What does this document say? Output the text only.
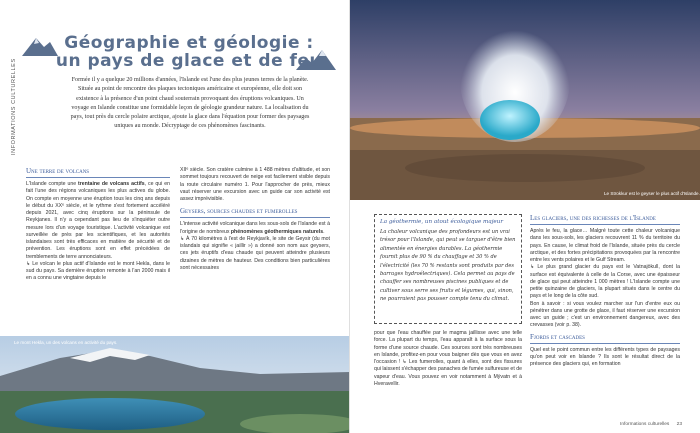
INFORMATIONS CULTURELLES
Géographie et géologie :
un pays de glace et de feu
Formée il y a quelque 20 millions d'années, l'Islande est l'une des plus jeunes terres de la planète. Située au point de rencontre des plaques tectoniques américaine et européenne, elle doit son existence à la présence d'un point chaud souterrain provoquant des éruptions volcaniques. Un voyage en Islande constitue une formidable leçon de géologie grandeur nature. La localisation du pays, tout près du cercle polaire arctique, ajoute la glace dans l'équation pour former des paysages uniques au monde. Décryptage de ces phénomènes fascinants.
Une terre de volcans

L'Islande compte une trentaine de volcans actifs, ce qui en fait l'une des régions volcaniques les plus actives du globe. On compte en moyenne une éruption tous les cinq ans depuis le début du XXᵉ siècle, et le rythme s'est fortement accéléré depuis 2021, avec cinq éruptions sur la péninsule de Reykjanes. Il n'y a cependant pas lieu de s'inquiéter outre mesure lors d'un voyage touristique. L'activité volcanique est surveillée de près par les scientifiques, et les autorités islandaises sont très efficaces en matière de sécurité et de prévention. Les éruptions sont en effet précédées de tremblements de terre annonciateurs.

↳ Le volcan le plus actif d'Islande est le mont Hekla, dans le sud du pays. Sa dernière éruption remonte à l'an 2000 mais il en a connu une vingtaine depuis le

XIIᵉ siècle. Son cratère culmine à 1 488 mètres d'altitude, et son sommet toujours recouvert de neige est facilement visible depuis la route circulaire numéro 1. Pour l'approcher de près, mieux vaut réserver une excursion avec un guide car son activité est assez imprévisible.

Geysers, sources chaudes et fumerolles

L'intense activité volcanique dans les sous-sols de l'Islande est à l'origine de nombreux phénomènes géothermiques naturels.

↳ À 70 kilomètres à l'est de Reykjavík, le site de Geysir (du mot islandais qui signifie « jaillir ») a donné son nom aux geysers, ces jets éruptifs d'eau chaude qui peuvent atteindre plusieurs dizaines de mètres de hauteur. Des conditions bien particulières sont nécessaires

Le mont Hekla, un des volcans en activité du pays.
Le Strokkur est le geyser le plus actif d'Islande.

pour que l'eau chauffée par le magma jaillisse avec une telle force. La plupart du temps, l'eau apparaît à la surface sous la forme d'une source chaude. Ces sources sont très nombreuses en Islande, profitez-en pour vous baigner dès que vous en avez l'occasion ! ↳ Les fumerolles, quant à elles, sont des fissures qui laissent s'échapper des panaches de fumée sulfureuse et de vapeur d'eau. Vous pouvez en voir notamment à Mývatn et à Hveravellir.

Les glaciers, une des richesses de l'Islande

Après le feu, la glace… Malgré toute cette chaleur volcanique dans les sous-sols, les glaciers recouvrent 11 % du territoire du pays. En cause, le climat froid de l'Islande, située près du cercle arctique, et des fortes précipitations provoquées par la rencontre entre les vents polaires et le Gulf Stream.

↳ Le plus grand glacier du pays est le Vatnajökull, dont la surface est équivalente à celle de la Corse, avec une épaisseur de glace qui peut atteindre 1 000 mètres ! L'Islande compte une petite quinzaine de glaciers, la plupart situés dans le centre du pays et le long de la côte sud.

Bon à savoir : si vous voulez marcher sur l'un d'entre eux ou pénétrer dans une grotte de glace, il faut réserver une excursion avec un guide ; c'est un environnement dangereux, avec des crevasses (voir p. 38).

Fjords et cascades

Quel est le point commun entre les différents types de paysages qu'on peut voir en Islande ? Ils sont le résultat direct de la présence des glaciers qui, en formation

Informations culturelles 23
La géothermie, un atout écologique majeur
La chaleur volcanique des profondeurs est un vrai trésor pour l'Islande, qui peut se targuer d'être bien alimentée en énergies durables. La géothermie fournit plus de 90 % du chauffage et 30 % de l'électricité (les 70 % restants sont produits par des barrages hydroélectriques). Cela permet au pays de chauffer ses nombreuses piscines publiques et de cultiver sous serre ses fruits et légumes, qui, sinon, ne pourraient pas pousser compte tenu du climat.
